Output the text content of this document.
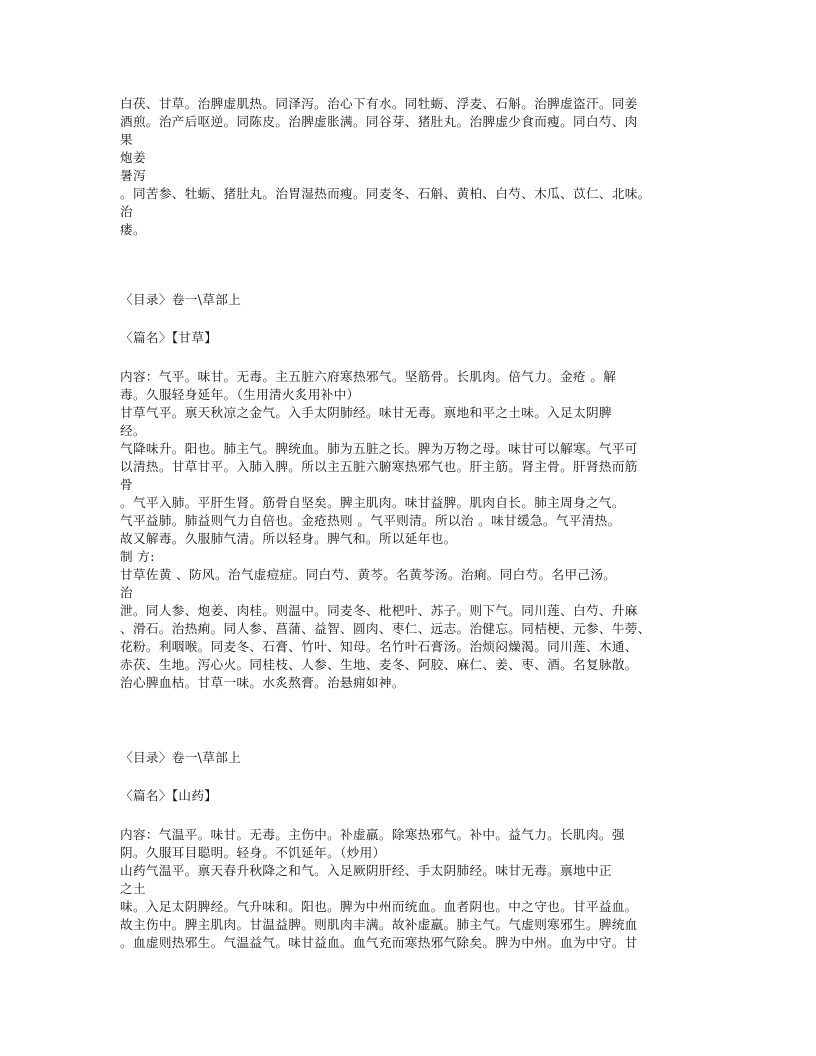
白茯、甘草。治脾虚肌热。同泽泻。治心下有水。同牡蛎、浮麦、石斛。治脾虚盗汗。同姜
酒煎。治产后呕逆。同陈皮。治脾虚胀满。同谷芽、猪肚丸。治脾虚少食而瘦。同白芍、肉
果
炮姜
暑泻
。同苦参、牡蛎、猪肚丸。治胃湿热而瘦。同麦冬、石斛、黄柏、白芍、木瓜、苡仁、北味。
治
瘘。
〈目录〉卷一\草部上
〈篇名〉【甘草】
内容：气平。味甘。无毒。主五脏六府寒热邪气。坚筋骨。长肌肉。倍气力。金疮 。解
毒。久服轻身延年。（生用清火炙用补中）
甘草气平。禀天秋凉之金气。入手太阴肺经。味甘无毒。禀地和平之土味。入足太阴脾
经。
气降味升。阳也。肺主气。脾统血。肺为五脏之长。脾为万物之母。味甘可以解寒。气平可
以清热。甘草甘平。入肺入脾。所以主五脏六腑寒热邪气也。肝主筋。肾主骨。肝肾热而筋
骨
。气平入肺。平肝生肾。筋骨自坚矣。脾主肌肉。味甘益脾。肌肉自长。肺主周身之气。
气平益肺。肺益则气力自倍也。金疮热则 。气平则清。所以治 。味甘缓急。气平清热。
故又解毒。久服肺气清。所以轻身。脾气和。所以延年也。
制 方:
甘草佐黄 、防风。治气虚痘症。同白芍、黄芩。名黄芩汤。治痢。同白芍。名甲己汤。
治
泄。同人参、炮姜、肉桂。则温中。同麦冬、枇杷叶、苏子。则下气。同川莲、白芍、升麻
、滑石。治热痢。同人参、菖蒲、益智、圆肉、枣仁、远志。治健忘。同桔梗、元参、牛蒡、
花粉。利咽喉。同麦冬、石膏、竹叶、知母。名竹叶石膏汤。治烦闷燥渴。同川莲、木通、
赤茯、生地。泻心火。同桂枝、人参、生地、麦冬、阿胶、麻仁、姜、枣、酒。名复脉散。
治心脾血枯。甘草一味。水炙熬膏。治悬痈如神。
〈目录〉卷一\草部上
〈篇名〉【山药】
内容：气温平。味甘。无毒。主伤中。补虚羸。除寒热邪气。补中。益气力。长肌肉。强
阴。久服耳目聪明。轻身。不饥延年。（炒用）
山药气温平。禀天春升秋降之和气。入足厥阴肝经、手太阴肺经。味甘无毒。禀地中正
之土
味。入足太阴脾经。气升味和。阳也。脾为中州而统血。血者阴也。中之守也。甘平益血。
故主伤中。脾主肌肉。甘温益脾。则肌肉丰满。故补虚羸。肺主气。气虚则寒邪生。脾统血
。血虚则热邪生。气温益气。味甘益血。血气充而寒热邪气除矣。脾为中州。血为中守。甘
